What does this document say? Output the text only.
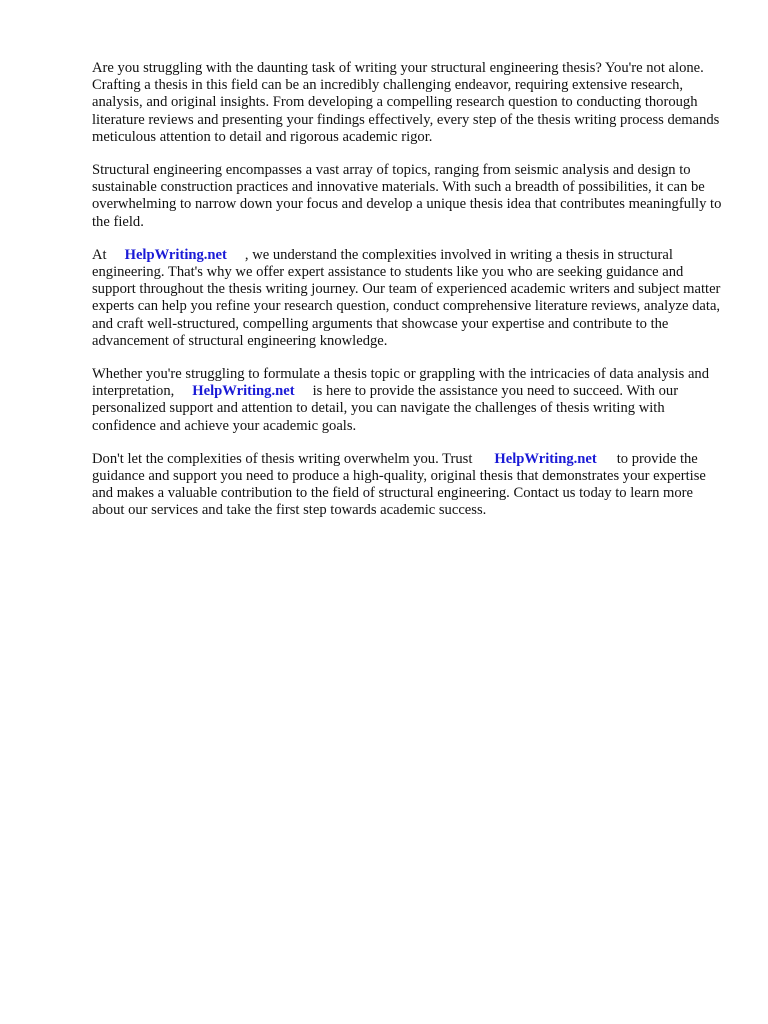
Are you struggling with the daunting task of writing your structural engineering thesis? You're not alone. Crafting a thesis in this field can be an incredibly challenging endeavor, requiring extensive research, analysis, and original insights. From developing a compelling research question to conducting thorough literature reviews and presenting your findings effectively, every step of the thesis writing process demands meticulous attention to detail and rigorous academic rigor.

Structural engineering encompasses a vast array of topics, ranging from seismic analysis and design to sustainable construction practices and innovative materials. With such a breadth of possibilities, it can be overwhelming to narrow down your focus and develop a unique thesis idea that contributes meaningfully to the field.

At HelpWriting.net , we understand the complexities involved in writing a thesis in structural engineering. That's why we offer expert assistance to students like you who are seeking guidance and support throughout the thesis writing journey. Our team of experienced academic writers and subject matter experts can help you refine your research question, conduct comprehensive literature reviews, analyze data, and craft well-structured, compelling arguments that showcase your expertise and contribute to the advancement of structural engineering knowledge.

Whether you're struggling to formulate a thesis topic or grappling with the intricacies of data analysis and interpretation, HelpWriting.net is here to provide the assistance you need to succeed. With our personalized support and attention to detail, you can navigate the challenges of thesis writing with confidence and achieve your academic goals.

Don't let the complexities of thesis writing overwhelm you. Trust HelpWriting.net to provide the guidance and support you need to produce a high-quality, original thesis that demonstrates your expertise and makes a valuable contribution to the field of structural engineering. Contact us today to learn more about our services and take the first step towards academic success.
